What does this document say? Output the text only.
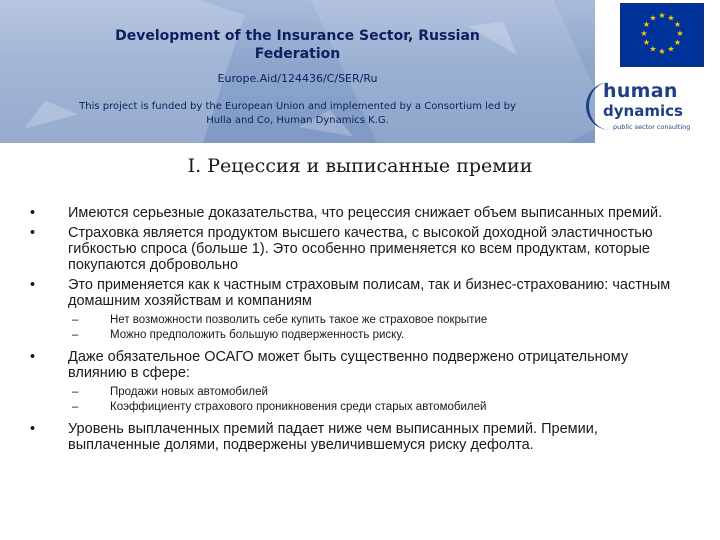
Development of the Insurance Sector, Russian Federation
Europe.Aid/124436/C/SER/Ru
This project is funded by the European Union and implemented by a Consortium led by
Hulla and Co, Human Dynamics K.G.
★ ★
★
★
★
★
★
★
★
★
★
★
human
dynamics
public sector consulting
I. Рецессия и выписанные премии
• Имеются серьезные доказательства, что рецессия снижает объем выписанных премий.
• Страховка является продуктом высшего качества, с высокой доходной эластичностью гибкостью спроса (больше 1). Это особенно применяется ко всем продуктам, которые покупаются добровольно
• Это применяется как к частным страховым полисам, так и бизнес-страхованию: частным домашним хозяйствам и компаниям
–	Нет возможности позволить себе купить такое же страховое покрытие
–	Можно предположить большую подверженность риску.
• Даже обязательное ОСАГО может быть существенно подвержено отрицательному влиянию в сфере:
–	Продажи новых автомобилей
–	Коэффициенту страхового проникновения среди старых автомобилей
• Уровень выплаченных премий падает ниже чем выписанных премий. Премии, выплаченные долями, подвержены увеличившемуся риску дефолта.
